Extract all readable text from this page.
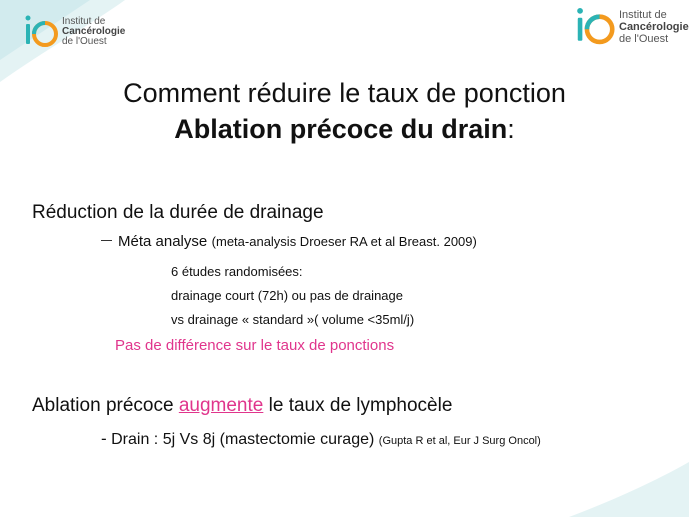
Institut de
Cancérologie
de l'Ouest
Institut de
Cancérologie
de l'Ouest
Comment réduire le taux de ponction
Ablation précoce du drain:
Réduction de la durée de drainage
Méta analyse (meta-analysis Droeser RA et al Breast. 2009)
6 études randomisées:
drainage court (72h) ou pas de drainage
vs drainage « standard »( volume <35ml/j)
Pas de différence sur le taux de ponctions
Ablation précoce augmente le taux de lymphocèle
- Drain : 5j Vs 8j (mastectomie curage) (Gupta R et al, Eur J Surg Oncol)
